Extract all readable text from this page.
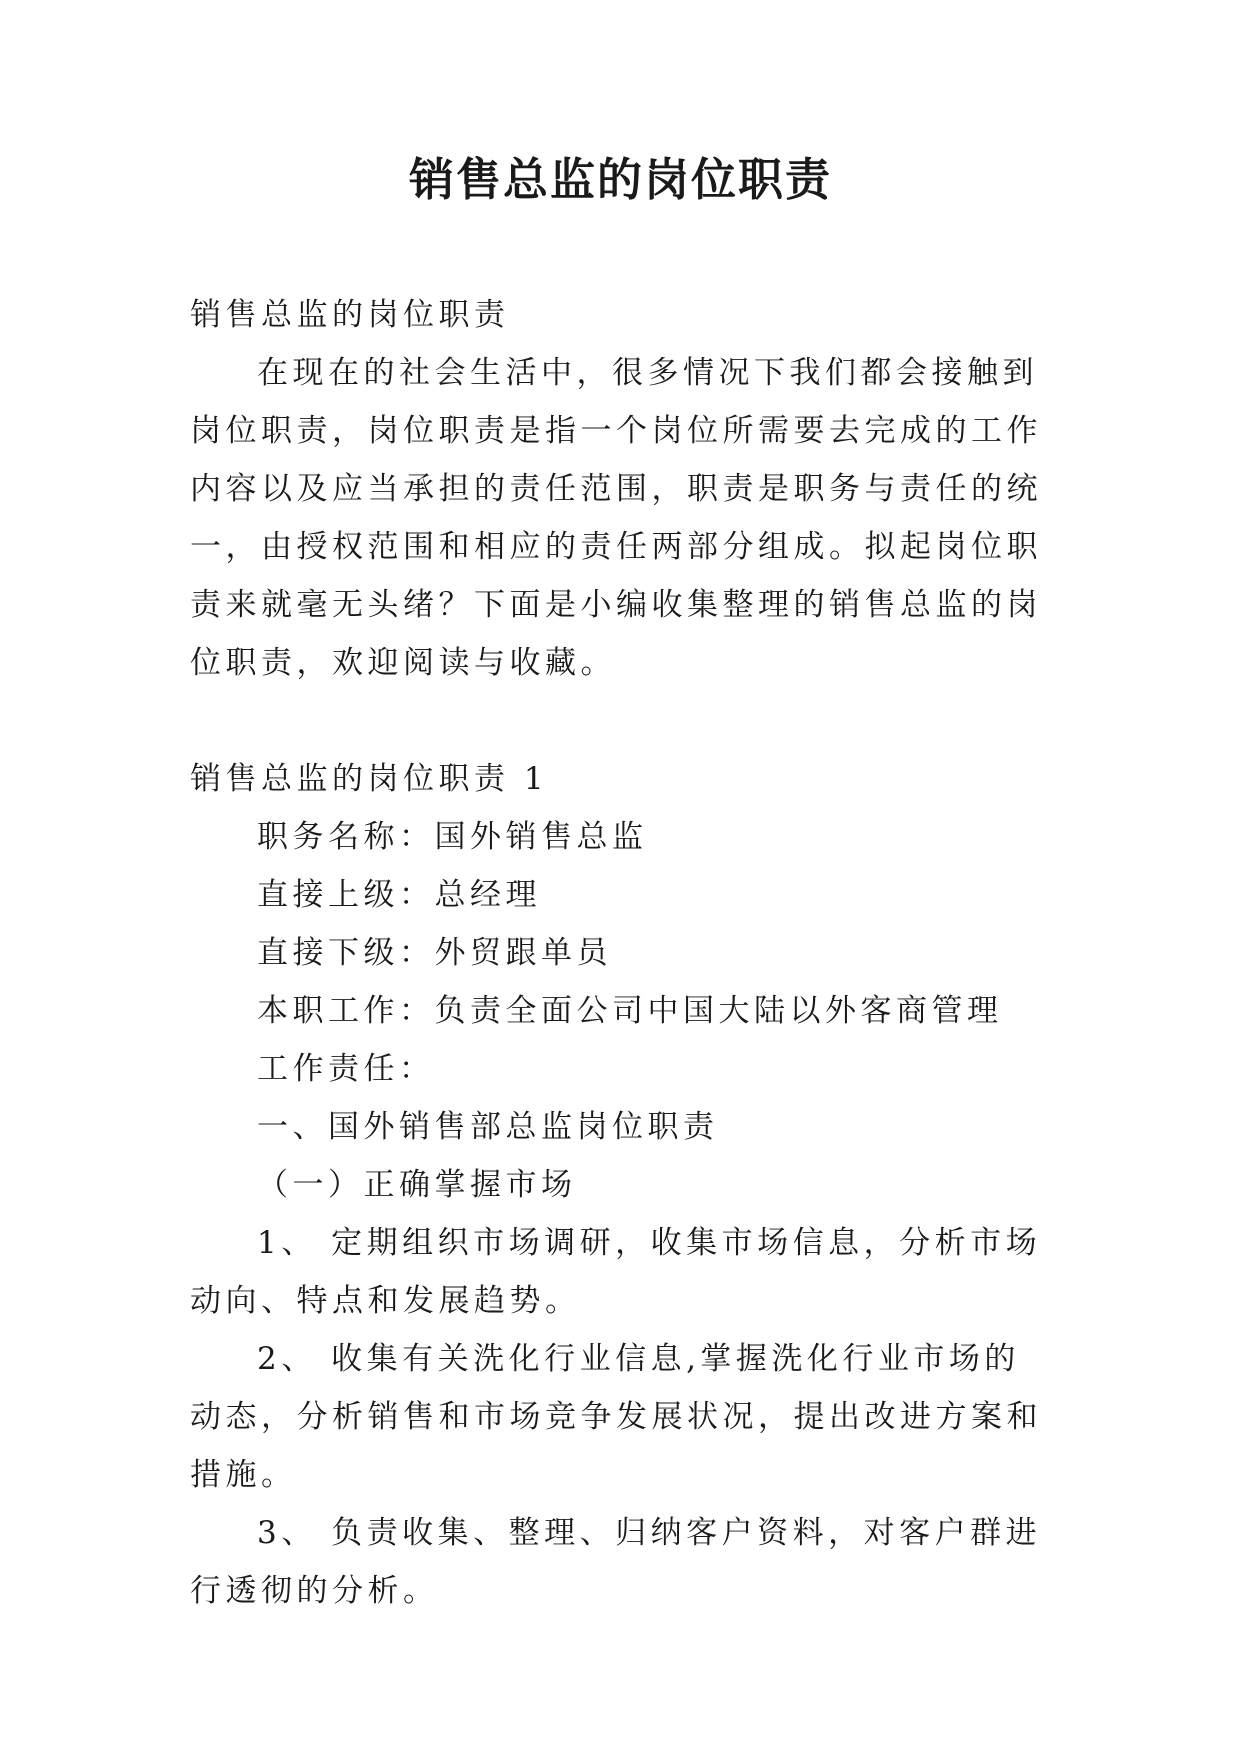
销售总监的岗位职责

销售总监的岗位职责

在现在的社会生活中，很多情况下我们都会接触到岗位职责，岗位职责是指一个岗位所需要去完成的工作内容以及应当承担的责任范围，职责是职务与责任的统一，由授权范围和相应的责任两部分组成。拟起岗位职责来就毫无头绪？下面是小编收集整理的销售总监的岗位职责，欢迎阅读与收藏。

销售总监的岗位职责 1

职务名称：国外销售总监

直接上级：总经理

直接下级：外贸跟单员

本职工作：负责全面公司中国大陆以外客商管理

工作责任：

一、国外销售部总监岗位职责

（一）正确掌握市场

1、 定期组织市场调研，收集市场信息，分析市场动向、特点和发展趋势。

2、 收集有关洗化行业信息,掌握洗化行业市场的动态，分析销售和市场竞争发展状况，提出改进方案和措施。

3、 负责收集、整理、归纳客户资料，对客户群进行透彻的分析。
